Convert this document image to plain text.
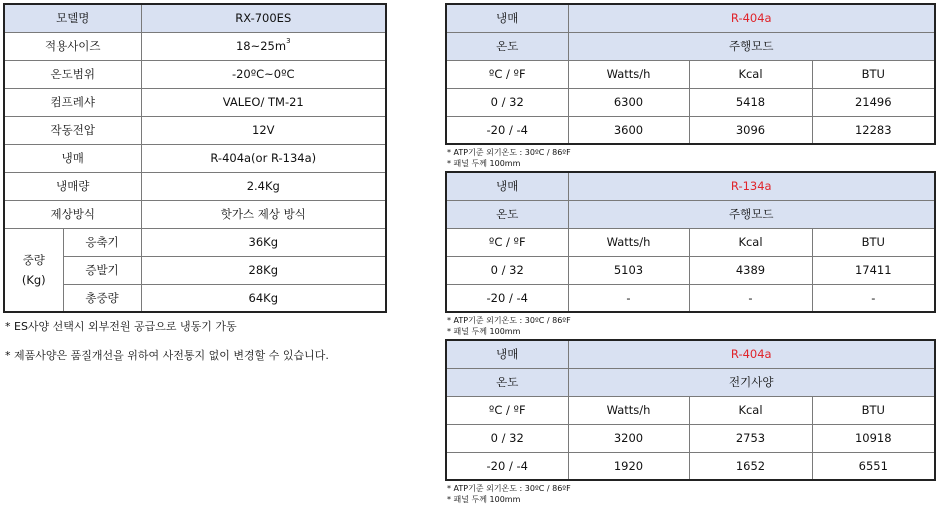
모델명		RX-700ES
적용사이즈		$18\sim 25m^3$
온도범위		-20ºC~0ºC
컴프레샤		VALEO/ TM-21
작동전압		12V
냉매		R-404a(or R-134a)
냉매량		2.4Kg
제상방식		핫가스 제상 방식

중량
(Kg)	응축기	36Kg
	증발기	28Kg
	총중량	64Kg
* ES사양 선택시 외부전원 공급으로 냉동기 가동
* 제품사양은 품질개선을 위하여 사전통지 없이 변경할 수 있습니다.
냉매	R-404a		
온도	주행모드		
ºC / ºF	Watts/h	Kcal	BTU
0 / 32	6300	5418	21496
-20 / -4	3600	3096	12283
* ATP기준 외기온도 : 30ºC / 86ºF
* 패널 두께 100mm
냉매	R-134a		
온도	주행모드		
ºC / ºF	Watts/h	Kcal	BTU
0 / 32	5103	4389	17411
-20 / -4	-	-	-
* ATP기준 외기온도 : 30ºC / 86ºF
* 패널 두께 100mm
냉매	R-404a		
온도	전기사양		
ºC / ºF	Watts/h	Kcal	BTU
0 / 32	3200	2753	10918
-20 / -4	1920	1652	6551
* ATP기준 외기온도 : 30ºC / 86ºF
* 패널 두께 100mm
